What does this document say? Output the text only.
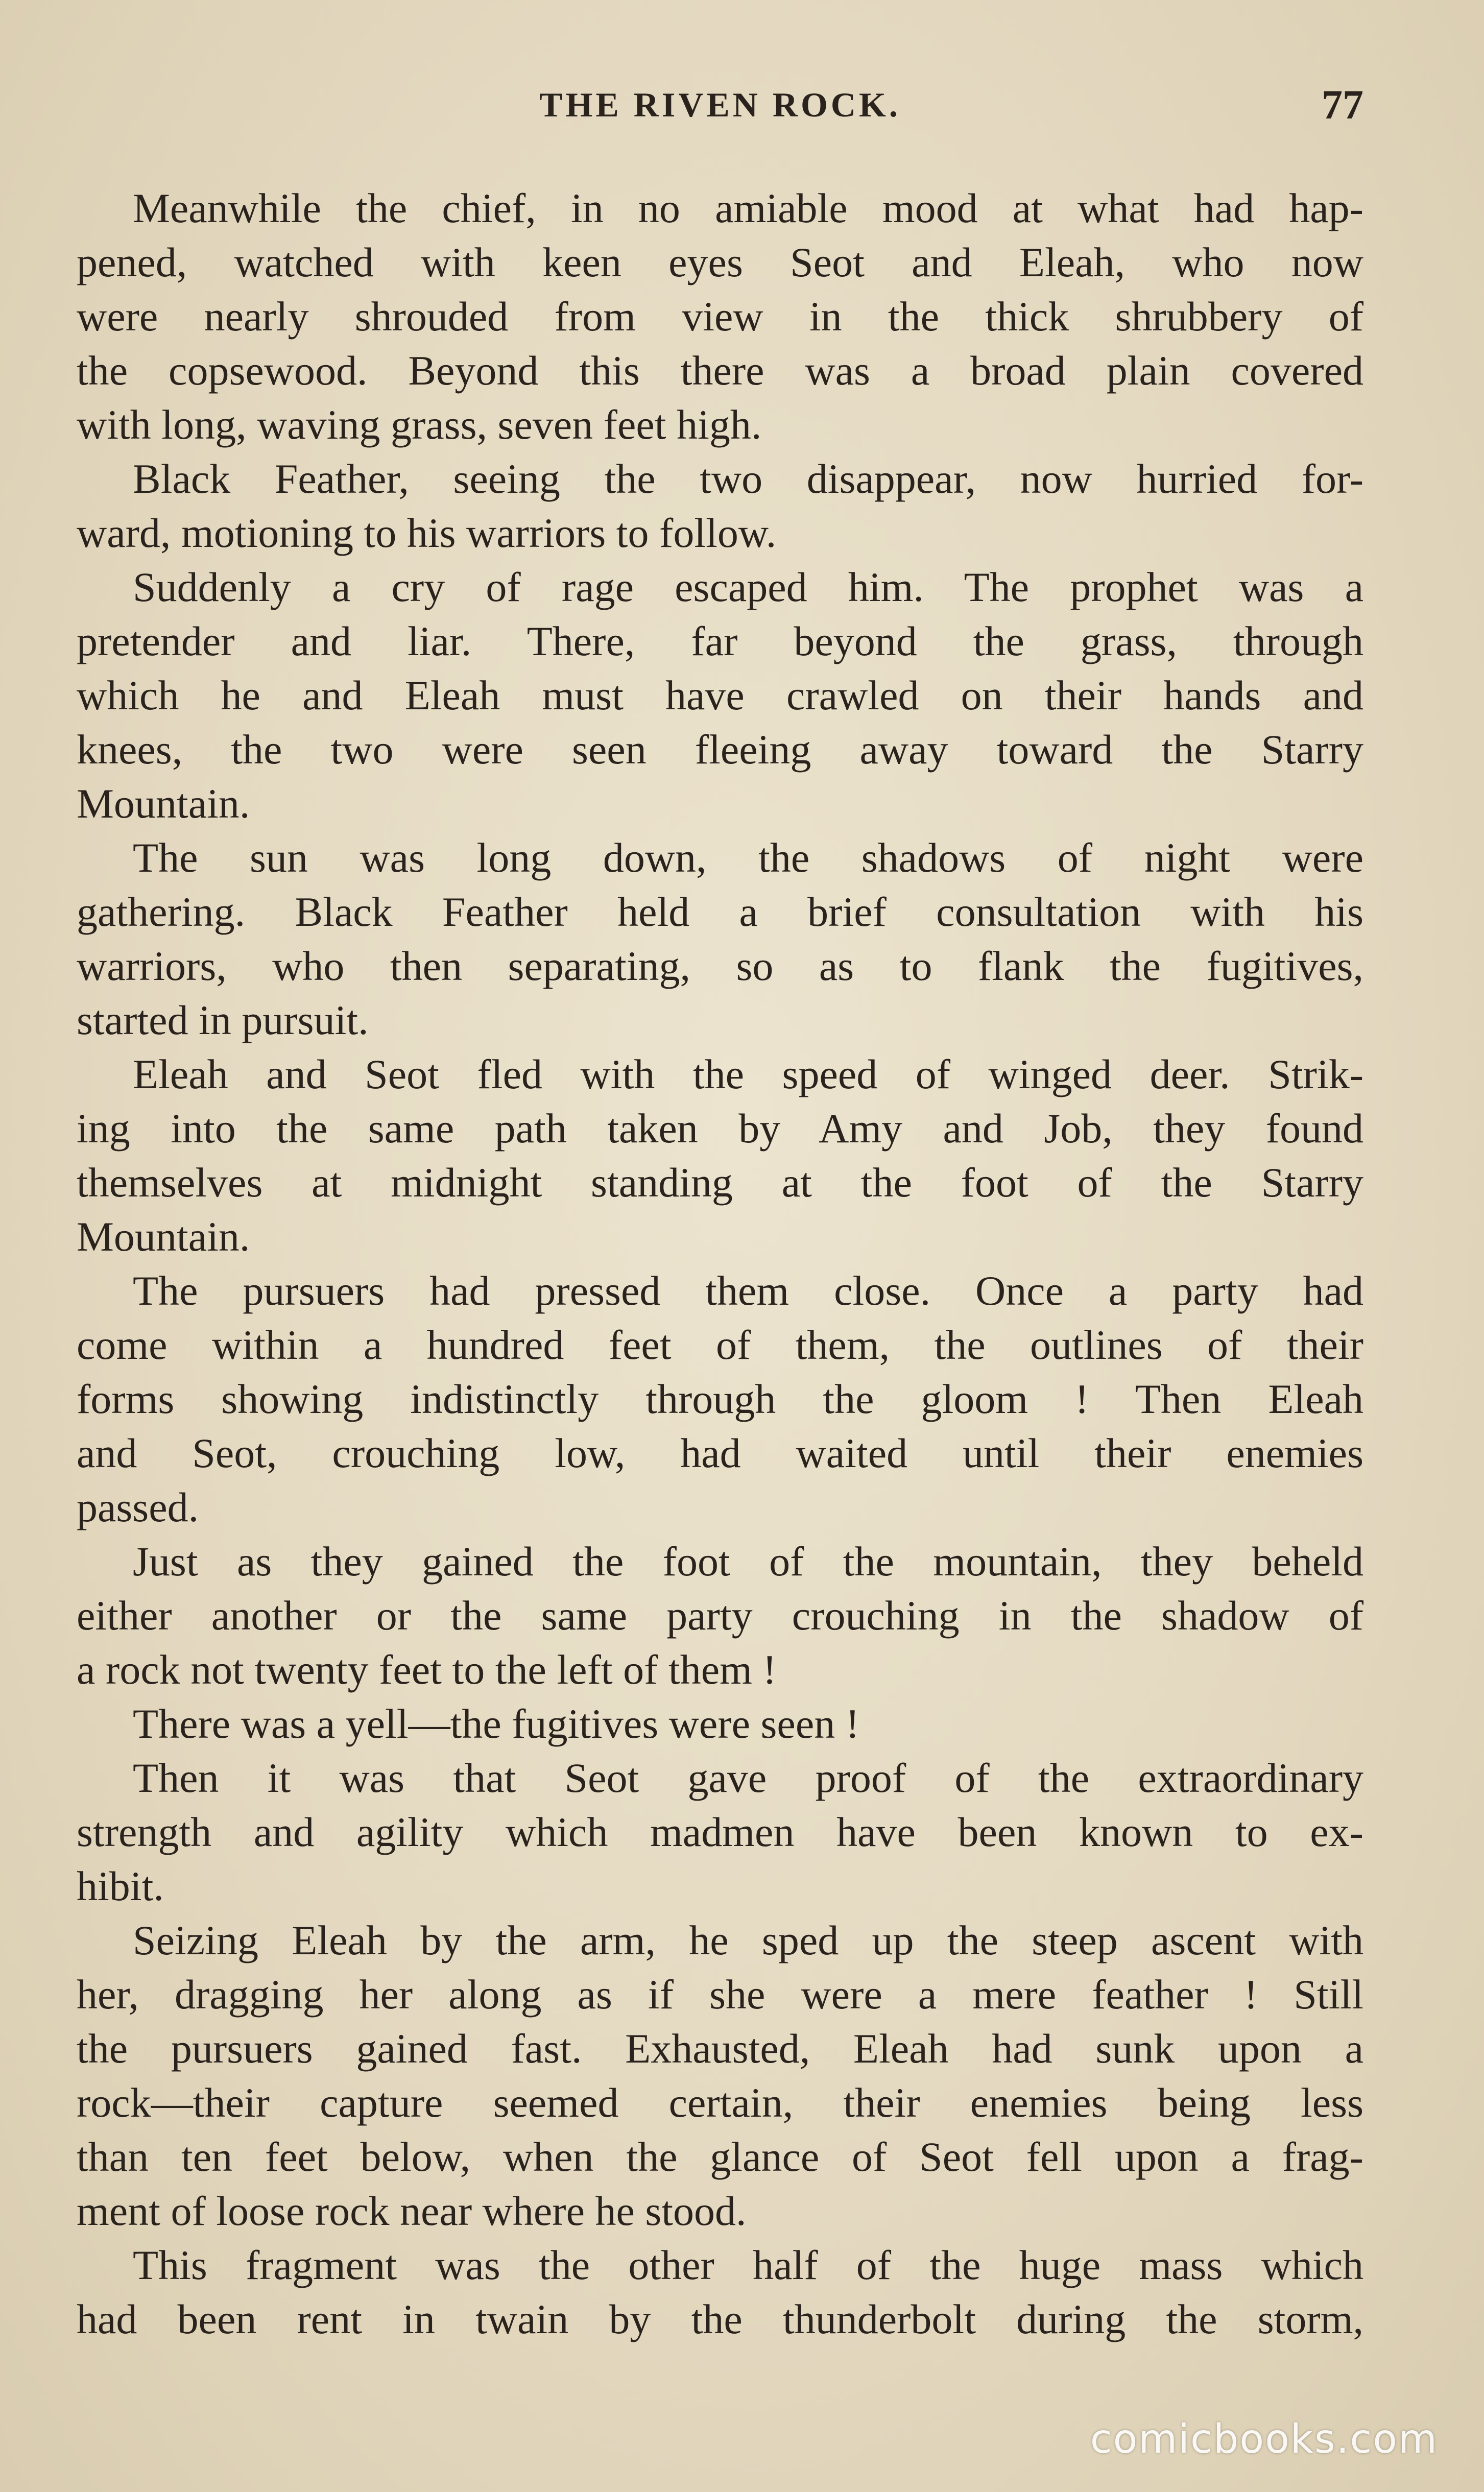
THE RIVEN ROCK.	77
Meanwhile the chief, in no amiable mood at what had hap-
pened, watched with keen eyes Seot and Eleah, who now
were nearly shrouded from view in the thick shrubbery of
the copsewood. Beyond this there was a broad plain covered
with long, waving grass, seven feet high.
Black Feather, seeing the two disappear, now hurried for-
ward, motioning to his warriors to follow.
Suddenly a cry of rage escaped him. The prophet was a
pretender and liar. There, far beyond the grass, through
which he and Eleah must have crawled on their hands and
knees, the two were seen fleeing away toward the Starry
Mountain.
The sun was long down, the shadows of night were
gathering. Black Feather held a brief consultation with his
warriors, who then separating, so as to flank the fugitives,
started in pursuit.
Eleah and Seot fled with the speed of winged deer. Strik-
ing into the same path taken by Amy and Job, they found
themselves at midnight standing at the foot of the Starry
Mountain.
The pursuers had pressed them close. Once a party had
come within a hundred feet of them, the outlines of their
forms showing indistinctly through the gloom ! Then Eleah
and Seot, crouching low, had waited until their enemies
passed.
Just as they gained the foot of the mountain, they beheld
either another or the same party crouching in the shadow of
a rock not twenty feet to the left of them !
There was a yell—the fugitives were seen !
Then it was that Seot gave proof of the extraordinary
strength and agility which madmen have been known to ex-
hibit.
Seizing Eleah by the arm, he sped up the steep ascent with
her, dragging her along as if she were a mere feather ! Still
the pursuers gained fast. Exhausted, Eleah had sunk upon a
rock—their capture seemed certain, their enemies being less
than ten feet below, when the glance of Seot fell upon a frag-
ment of loose rock near where he stood.
This fragment was the other half of the huge mass which
had been rent in twain by the thunderbolt during the storm,
comicbooks.com
